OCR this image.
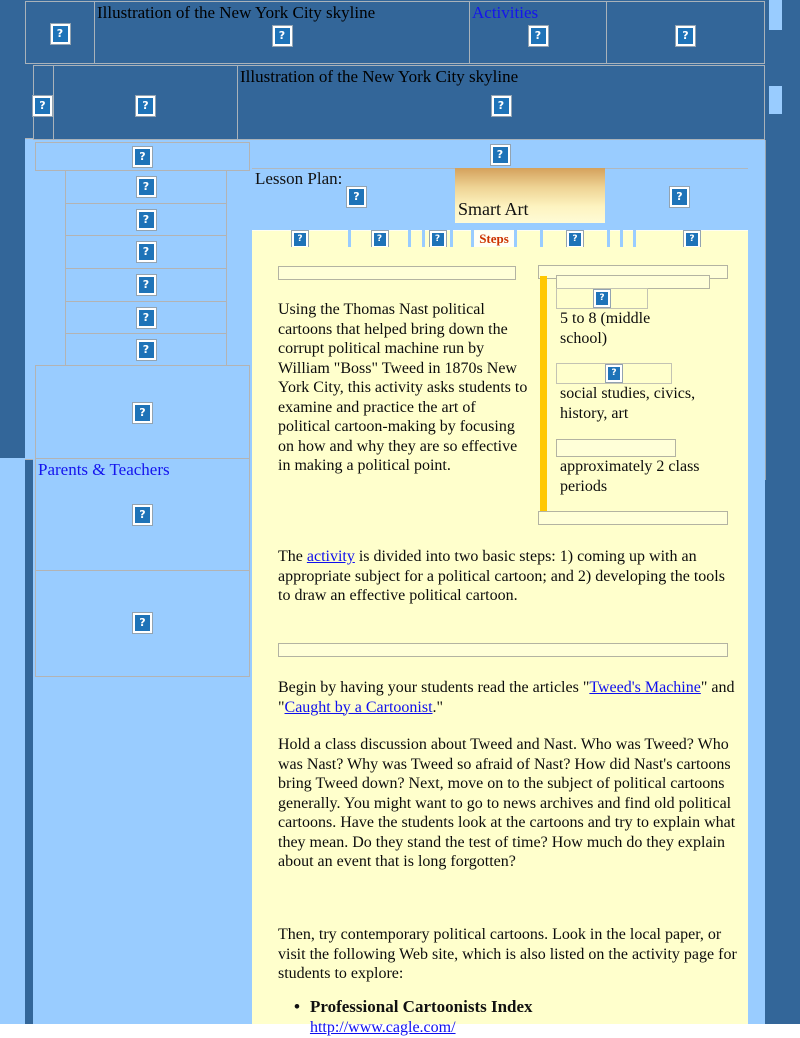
?
Illustration of the New York City skyline
?	Activities
?
?
?
?
Illustration of the New York City skyline
?
?
?
?
?
?
?
?
?
Parents & Teachers
?
?
?
Lesson Plan:
?
Smart Art
?
?
?
?
Steps
?
?
Using the Thomas Nast political cartoons that helped bring down the corrupt political machine run by William "Boss" Tweed in 1870s New York City, this activity asks students to examine and practice the art of political cartoon-making by focusing on how and why they are so effective in making a political point.
?
5 to 8 (middle school)
?
social studies, civics, history, art
approximately 2 class periods
The activity is divided into two basic steps: 1) coming up with an appropriate subject for a political cartoon; and 2) developing the tools to draw an effective political cartoon.
Begin by having your students read the articles "Tweed's Machine" and "Caught by a Cartoonist."
Hold a class discussion about Tweed and Nast. Who was Tweed? Who was Nast? Why was Tweed so afraid of Nast? How did Nast's cartoons bring Tweed down? Next, move on to the subject of political cartoons generally. You might want to go to news archives and find old political cartoons. Have the students look at the cartoons and try to explain what they mean. Do they stand the test of time? How much do they explain about an event that is long forgotten?
Then, try contemporary political cartoons. Look in the local paper, or visit the following Web site, which is also listed on the activity page for students to explore:
•
Professional Cartoonists Index
http://www.cagle.com/
